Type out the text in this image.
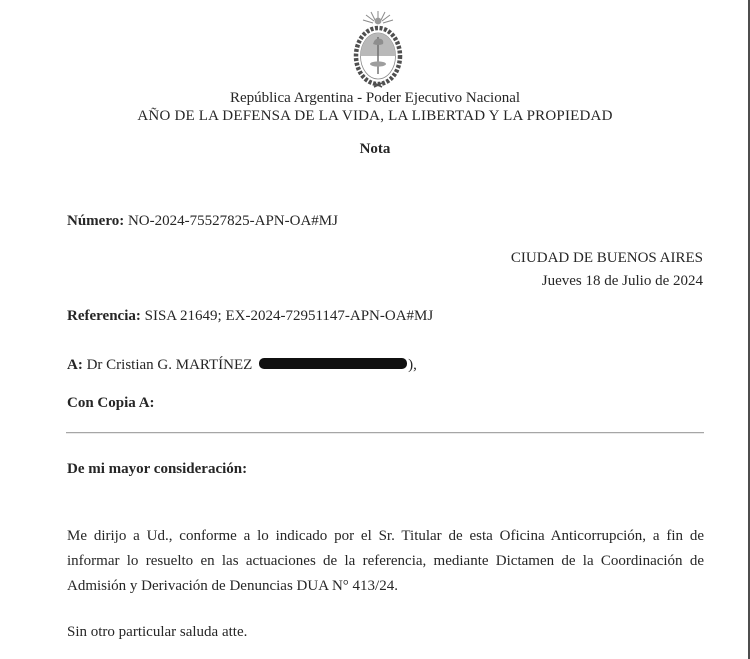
República Argentina - Poder Ejecutivo Nacional
AÑO DE LA DEFENSA DE LA VIDA, LA LIBERTAD Y LA PROPIEDAD
Nota
Número: NO-2024-75527825-APN-OA#MJ
CIUDAD DE BUENOS AIRES
Jueves 18 de Julio de 2024
Referencia: SISA 21649; EX-2024-72951147-APN-OA#MJ
A: Dr Cristian G. MARTÍNEZ	),
Con Copia A:
De mi mayor consideración:
Me dirijo a Ud., conforme a lo indicado por el Sr. Titular de esta Oficina Anticorrupción, a fin de informar lo resuelto en las actuaciones de la referencia, mediante Dictamen de la Coordinación de Admisión y Derivación de Denuncias DUA N° 413/24.
Sin otro particular saluda atte.
